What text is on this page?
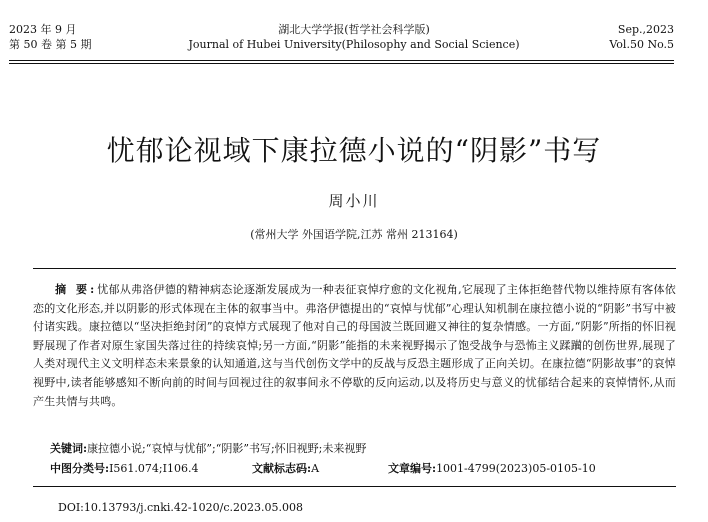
2023 年 9 月
第 50 卷 第 5 期
湖北大学学报(哲学社会科学版)
Journal of Hubei University(Philosophy and Social Science)
Sep.,2023
Vol.50 No.5
忧郁论视域下康拉德小说的“阴影”书写
周小川
(常州大学 外国语学院,江苏 常州 213164)
摘 要:忧郁从弗洛伊德的精神病态论逐渐发展成为一种表征哀悼疗愈的文化视角,它展现了主体拒绝替代物以维持原有客体依恋的文化形态,并以阴影的形式体现在主体的叙事当中。弗洛伊德提出的“哀悼与忧郁”心理认知机制在康拉德小说的“阴影”书写中被付诸实践。康拉德以“坚决拒绝封闭”的哀悼方式展现了他对自己的母国波兰既回避又神往的复杂情感。一方面,“阴影”所指的怀旧视野展现了作者对原生家国失落过往的持续哀悼;另一方面,“阴影”能指的未来视野揭示了饱受战争与恐怖主义蹂躏的创伤世界,展现了人类对现代主义文明样态未来景象的认知通道,这与当代创伤文学中的反战与反恐主题形成了正向关切。在康拉德“阴影故事”的哀悼视野中,读者能够感知不断向前的时间与回视过往的叙事间永不停歇的反向运动,以及将历史与意义的忧郁结合起来的哀悼情怀,从而产生共情与共鸣。
关键词:康拉德小说;“哀悼与忧郁”;“阴影”书写;怀旧视野;未来视野
中图分类号:I561.074;I106.4	文献标志码:A	文章编号:1001-4799(2023)05-0105-10
DOI:10.13793/j.cnki.42-1020/c.2023.05.008
